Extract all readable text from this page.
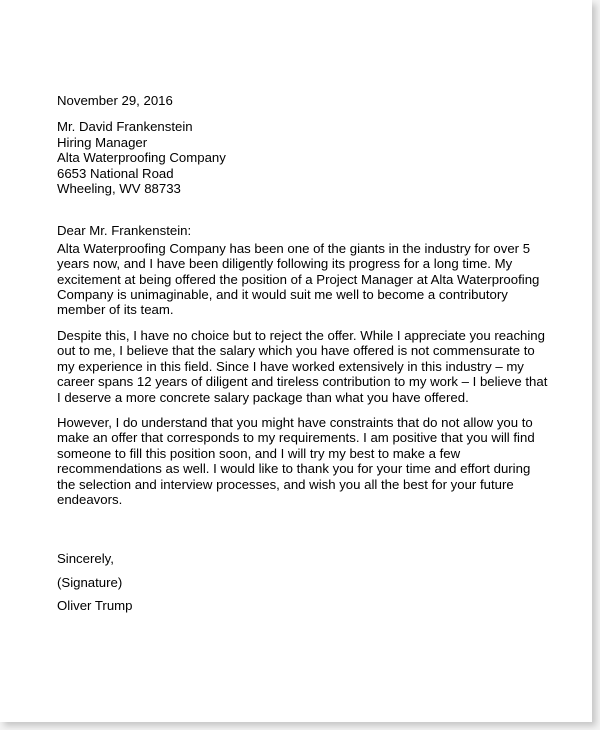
November 29, 2016
Mr. David Frankenstein
Hiring Manager
Alta Waterproofing Company
6653 National Road
Wheeling, WV 88733
Dear Mr. Frankenstein:

Alta Waterproofing Company has been one of the giants in the industry for over 5 years now, and I have been diligently following its progress for a long time. My excitement at being offered the position of a Project Manager at Alta Waterproofing Company is unimaginable, and it would suit me well to become a contributory member of its team.

Despite this, I have no choice but to reject the offer. While I appreciate you reaching out to me, I believe that the salary which you have offered is not commensurate to my experience in this field. Since I have worked extensively in this industry – my career spans 12 years of diligent and tireless contribution to my work – I believe that I deserve a more concrete salary package than what you have offered.

However, I do understand that you might have constraints that do not allow you to make an offer that corresponds to my requirements. I am positive that you will find someone to fill this position soon, and I will try my best to make a few recommendations as well. I would like to thank you for your time and effort during the selection and interview processes, and wish you all the best for your future endeavors.

Sincerely,
(Signature)
Oliver Trump
